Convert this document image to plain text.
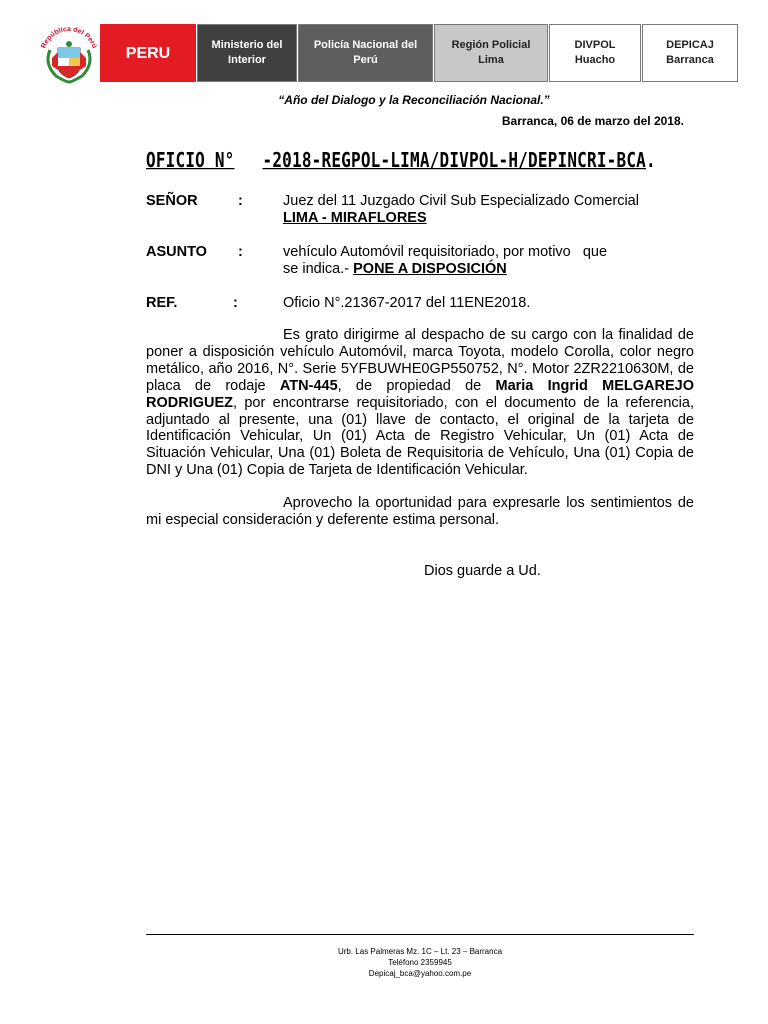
República del Perú	PERU	Ministerio del
Interior
Policía Nacional del
Perú
Región Policial
Lima
DIVPOL
Huacho
DEPICAJ
Barranca
“Año del Dialogo y la Reconciliación Nacional.”
Barranca, 06 de marzo del 2018.
OFICIO N° -2018-REGPOL-LIMA/DIVPOL-H/DEPINCRI-BCA.
SEÑOR	:	Juez del 11 Juzgado Civil Sub Especializado Comercial
LIMA - MIRAFLORES
ASUNTO	:	vehículo Automóvil requisitoriado, por motivo   que
se indica.- PONE A DISPOSICIÓN
REF.	:	Oficio N°.21367-2017 del 11ENE2018.
Es grato dirigirme al despacho de su cargo con la finalidad de poner a disposición vehículo Automóvil, marca Toyota, modelo Corolla, color negro metálico, año 2016, N°. Serie 5YFBUWHE0GP550752, N°. Motor 2ZR2210630M, de placa de rodaje ATN-445, de propiedad de Maria Ingrid MELGAREJO RODRIGUEZ, por encontrarse requisitoriado, con el documento de la referencia, adjuntado al presente, una (01) llave de contacto, el original de la tarjeta de Identificación Vehicular, Un (01) Acta de Registro Vehicular, Un (01) Acta de Situación Vehicular, Una (01) Boleta de Requisitoria de Vehículo, Una (01) Copia de DNI y Una (01) Copia de Tarjeta de Identificación Vehicular.
Aprovecho la oportunidad para expresarle los sentimientos de mi especial consideración y deferente estima personal.
Dios guarde a Ud.
Urb. Las Palmeras Mz. 1C – Lt. 23 – Barranca
Teléfono 2359945
Depicaj_bca@yahoo.com.pe
